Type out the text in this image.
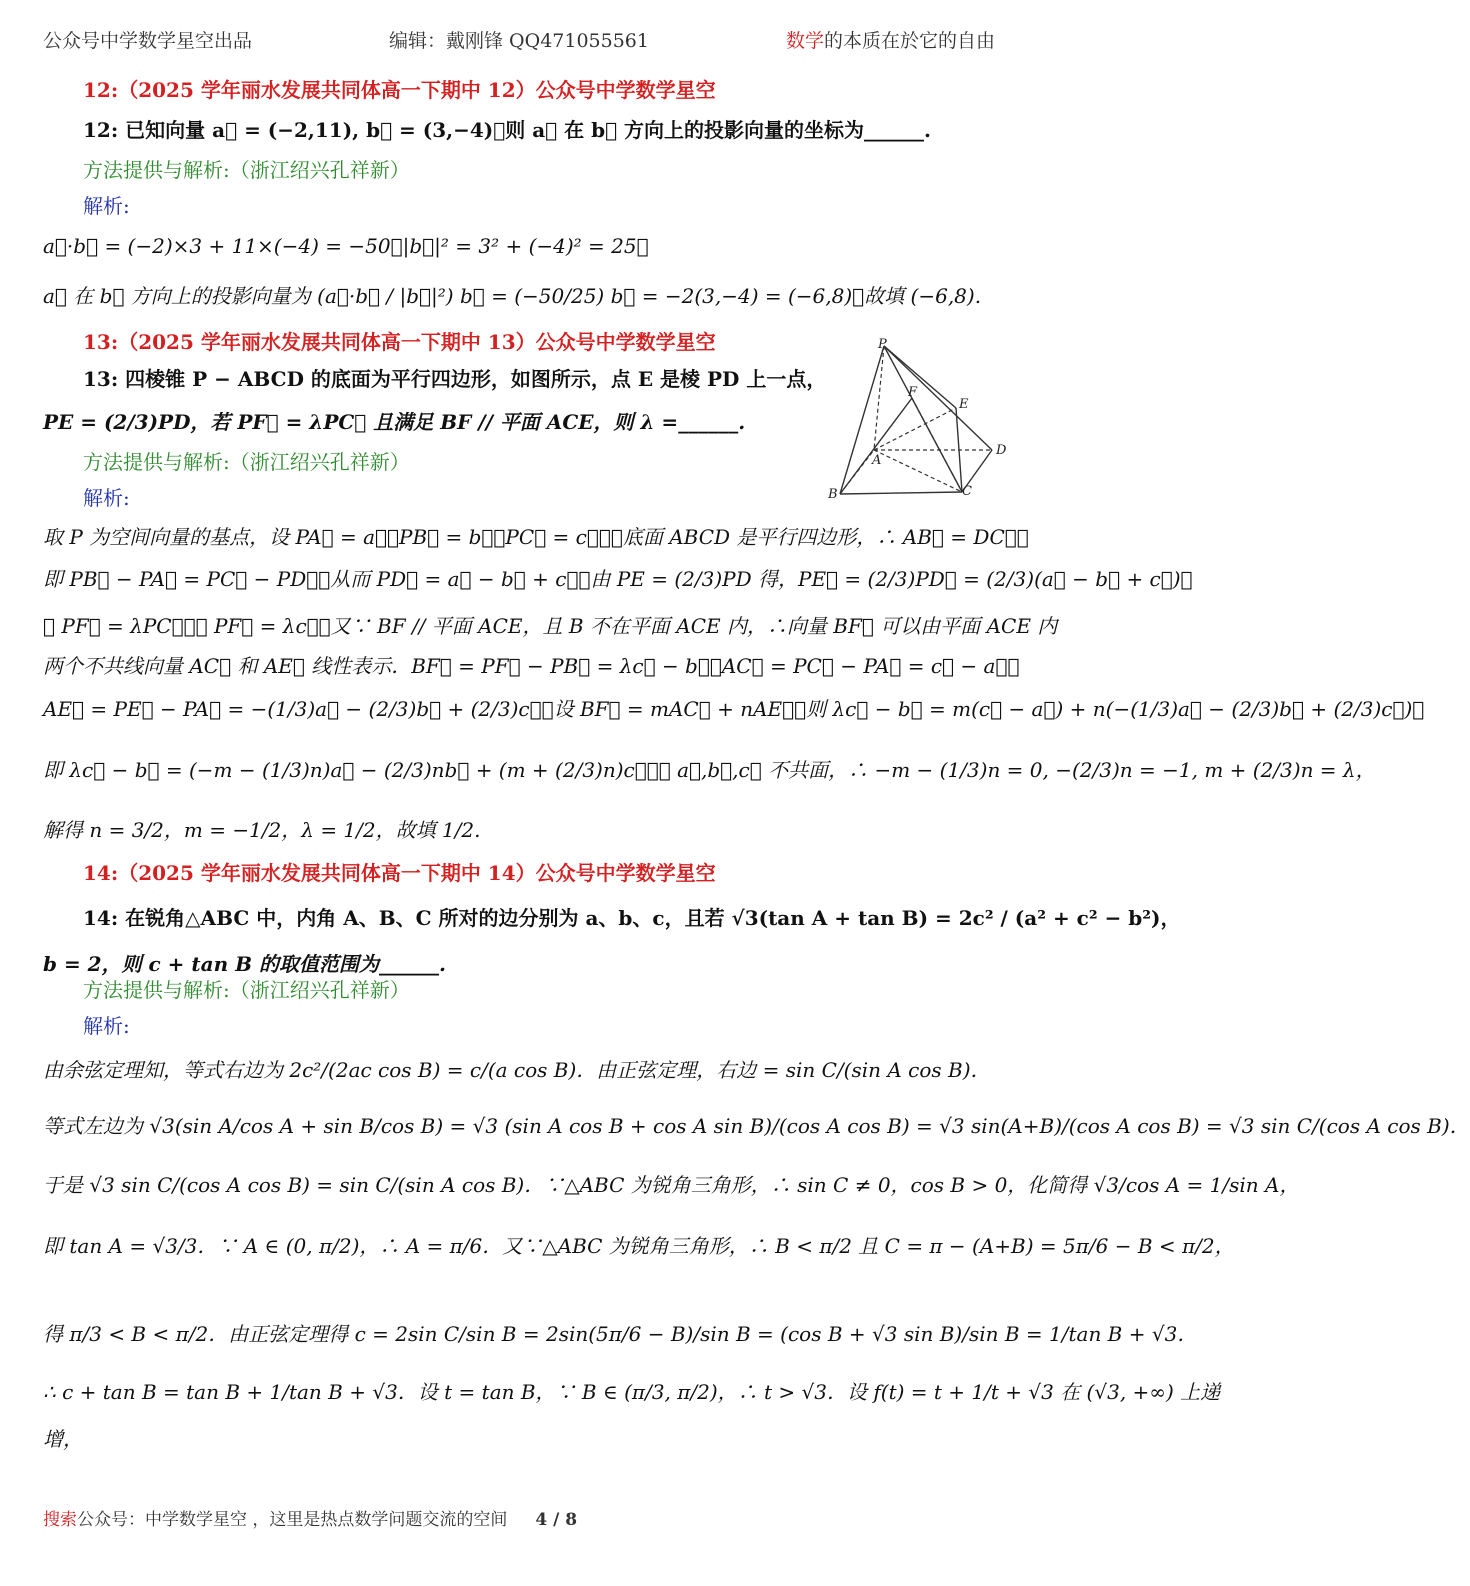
公众号中学数学星空出品	编辑：戴刚锋 QQ471055561	数学的本质在於它的自由
12:（2025 学年丽水发展共同体高一下期中 12）公众号中学数学星空
12: 已知向量 a⃗ = (−2,11), b⃗ = (3,−4)，则 a⃗ 在 b⃗ 方向上的投影向量的坐标为______.
方法提供与解析:（浙江绍兴孔祥新）
解析:
a⃗·b⃗ = (−2)×3 + 11×(−4) = −50，|b⃗|² = 3² + (−4)² = 25，
a⃗ 在 b⃗ 方向上的投影向量为 (a⃗·b⃗ / |b⃗|²) b⃗ = (−50/25) b⃗ = −2(3,−4) = (−6,8)，故填 (−6,8).
13:（2025 学年丽水发展共同体高一下期中 13）公众号中学数学星空
13: 四棱锥 P − ABCD 的底面为平行四边形，如图所示，点 E 是棱 PD 上一点，
PE = (2/3)PD，若 PF⃗ = λPC⃗ 且满足 BF // 平面 ACE，则 λ =______.
方法提供与解析:（浙江绍兴孔祥新）
解析:
取 P 为空间向量的基点，设 PA⃗ = a⃗，PB⃗ = b⃗，PC⃗ = c⃗．∵底面 ABCD 是平行四边形，∴ AB⃗ = DC⃗，
即 PB⃗ − PA⃗ = PC⃗ − PD⃗，从而 PD⃗ = a⃗ − b⃗ + c⃗．由 PE = (2/3)PD 得，PE⃗ = (2/3)PD⃗ = (2/3)(a⃗ − b⃗ + c⃗)．
∵ PF⃗ = λPC⃗，∴ PF⃗ = λc⃗．又∵ BF // 平面 ACE，且 B 不在平面 ACE 内，∴向量 BF⃗ 可以由平面 ACE 内
两个不共线向量 AC⃗ 和 AE⃗ 线性表示．BF⃗ = PF⃗ − PB⃗ = λc⃗ − b⃗，AC⃗ = PC⃗ − PA⃗ = c⃗ − a⃗，
AE⃗ = PE⃗ − PA⃗ = −(1/3)a⃗ − (2/3)b⃗ + (2/3)c⃗．设 BF⃗ = mAC⃗ + nAE⃗，则 λc⃗ − b⃗ = m(c⃗ − a⃗) + n(−(1/3)a⃗ − (2/3)b⃗ + (2/3)c⃗)，
即 λc⃗ − b⃗ = (−m − (1/3)n)a⃗ − (2/3)nb⃗ + (m + (2/3)n)c⃗．∵ a⃗,b⃗,c⃗ 不共面，∴ −m − (1/3)n = 0, −(2/3)n = −1, m + (2/3)n = λ，
解得 n = 3/2，m = −1/2，λ = 1/2，故填 1/2.
P
F
E
A
D
B	C
14:（2025 学年丽水发展共同体高一下期中 14）公众号中学数学星空
14: 在锐角△ABC 中，内角 A、B、C 所对的边分别为 a、b、c，且若 √3(tan A + tan B) = 2c² / (a² + c² − b²)，
b = 2，则 c + tan B 的取值范围为______.
方法提供与解析:（浙江绍兴孔祥新）
解析:
由余弦定理知，等式右边为 2c²/(2ac cos B) = c/(a cos B)．由正弦定理，右边 = sin C/(sin A cos B)．
等式左边为 √3(sin A/cos A + sin B/cos B) = √3 (sin A cos B + cos A sin B)/(cos A cos B) = √3 sin(A+B)/(cos A cos B) = √3 sin C/(cos A cos B)．
于是 √3 sin C/(cos A cos B) = sin C/(sin A cos B)．∵△ABC 为锐角三角形，∴ sin C ≠ 0，cos B > 0，化简得 √3/cos A = 1/sin A，
即 tan A = √3/3．∵ A ∈ (0, π/2)，∴ A = π/6．又∵△ABC 为锐角三角形，∴ B < π/2 且 C = π − (A+B) = 5π/6 − B < π/2，
得 π/3 < B < π/2．由正弦定理得 c = 2sin C/sin B = 2sin(5π/6 − B)/sin B = (cos B + √3 sin B)/sin B = 1/tan B + √3．
∴ c + tan B = tan B + 1/tan B + √3．设 t = tan B，∵ B ∈ (π/3, π/2)，∴ t > √3．设 f(t) = t + 1/t + √3 在 (√3, +∞) 上递
增，
搜索公众号：中学数学星空 ，这里是热点数学问题交流的空间 4 / 8
